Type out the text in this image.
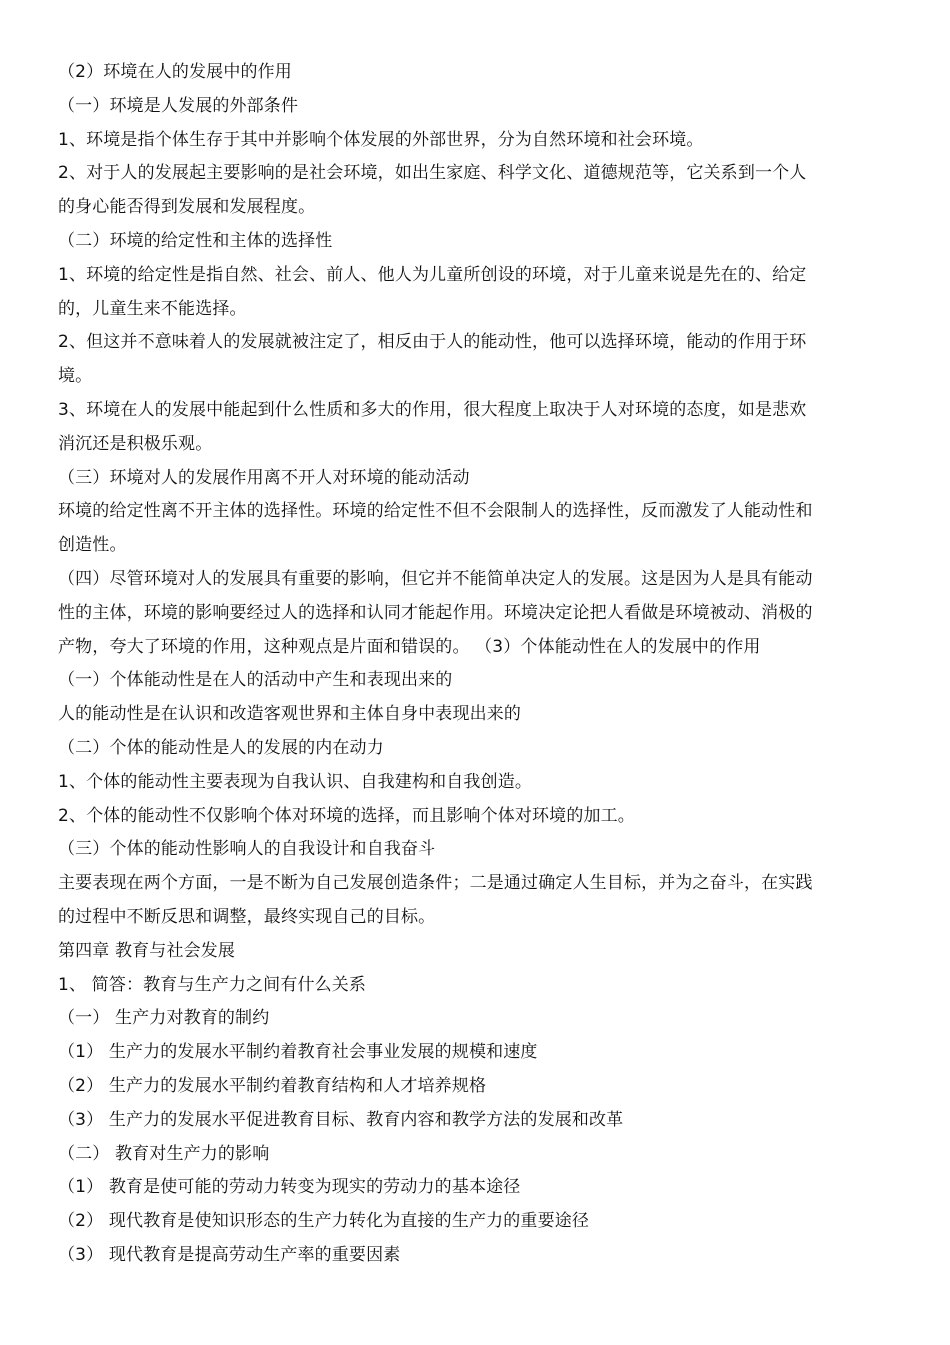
（2）环境在人的发展中的作用
（一）环境是人发展的外部条件
1、环境是指个体生存于其中并影响个体发展的外部世界，分为自然环境和社会环境。
2、对于人的发展起主要影响的是社会环境，如出生家庭、科学文化、道德规范等，它关系到一个人
的身心能否得到发展和发展程度。
（二）环境的给定性和主体的选择性
1、环境的给定性是指自然、社会、前人、他人为儿童所创设的环境，对于儿童来说是先在的、给定
的，儿童生来不能选择。
2、但这并不意味着人的发展就被注定了，相反由于人的能动性，他可以选择环境，能动的作用于环
境。
3、环境在人的发展中能起到什么性质和多大的作用，很大程度上取决于人对环境的态度，如是悲欢
消沉还是积极乐观。
（三）环境对人的发展作用离不开人对环境的能动活动
环境的给定性离不开主体的选择性。环境的给定性不但不会限制人的选择性，反而激发了人能动性和
创造性。
（四）尽管环境对人的发展具有重要的影响，但它并不能简单决定人的发展。这是因为人是具有能动
性的主体，环境的影响要经过人的选择和认同才能起作用。环境决定论把人看做是环境被动、消极的
产物，夸大了环境的作用，这种观点是片面和错误的。 （3）个体能动性在人的发展中的作用
（一）个体能动性是在人的活动中产生和表现出来的
人的能动性是在认识和改造客观世界和主体自身中表现出来的
（二）个体的能动性是人的发展的内在动力
1、个体的能动性主要表现为自我认识、自我建构和自我创造。
2、个体的能动性不仅影响个体对环境的选择，而且影响个体对环境的加工。
（三）个体的能动性影响人的自我设计和自我奋斗
主要表现在两个方面，一是不断为自己发展创造条件；二是通过确定人生目标，并为之奋斗，在实践
的过程中不断反思和调整，最终实现自己的目标。
第四章 教育与社会发展
1、 简答：教育与生产力之间有什么关系
（一） 生产力对教育的制约
（1） 生产力的发展水平制约着教育社会事业发展的规模和速度
（2） 生产力的发展水平制约着教育结构和人才培养规格
（3） 生产力的发展水平促进教育目标、教育内容和教学方法的发展和改革
（二） 教育对生产力的影响
（1） 教育是使可能的劳动力转变为现实的劳动力的基本途径
（2） 现代教育是使知识形态的生产力转化为直接的生产力的重要途径
（3） 现代教育是提高劳动生产率的重要因素
